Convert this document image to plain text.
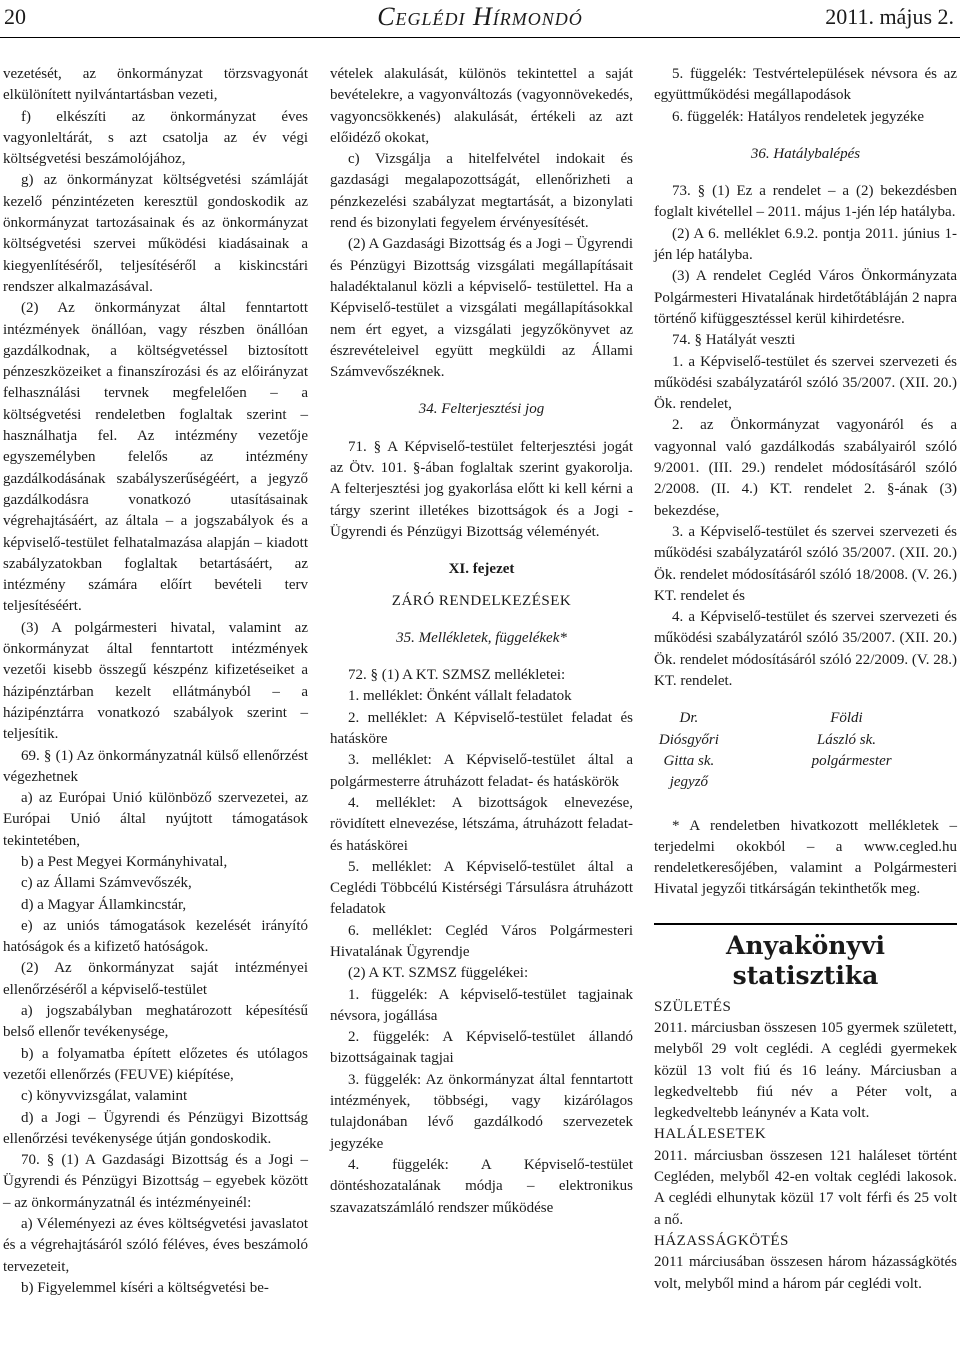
20	Ceglédi Hírmondó	2011. május 2.

vezetését, az önkormányzat törzsvagyonát elkülönített nyilvántartásban vezeti,

f) elkészíti az önkormányzat éves vagyonleltárát, s azt csatolja az év végi költségvetési beszámolójához,

g) az önkormányzat költségvetési számláját kezelő pénzintézeten keresztül gondoskodik az önkormányzat tartozásainak és az önkormányzat költségvetési szervei működési kiadásainak a kiegyenlítéséről, teljesítéséről a kiskincstári rendszer alkalmazásával.

(2) Az önkormányzat által fenntartott intézmények önállóan, vagy részben önállóan gazdálkodnak, a költségvetéssel biztosított pénzeszközeiket a finanszírozási és az előirányzat felhasználási tervnek megfelelően – a költségvetési rendeletben foglaltak szerint – használhatja fel. Az intézmény vezetője egyszemélyben felelős az intézmény gazdálkodásának szabályszerűségéért, a jegyző gazdálkodásra vonatkozó utasításainak végrehajtásáért, az általa – a jogszabályok és a képviselő-testület felhatalmazása alapján – kiadott szabályzatokban foglaltak betartásáért, az intézmény számára előírt bevételi terv teljesítéséért.

(3) A polgármesteri hivatal, valamint az önkormányzat által fenntartott intézmények vezetői kisebb összegű készpénz kifizetéseiket a házipénztárban kezelt ellátmányból – a házipénztárra vonatkozó szabályok szerint – teljesítik.

69. § (1) Az önkormányzatnál külső ellenőrzést végezhetnek

a) az Európai Unió különböző szervezetei, az Európai Unió által nyújtott támogatások tekintetében,

b) a Pest Megyei Kormányhivatal,

c) az Állami Számvevőszék,

d) a Magyar Államkincstár,

e) az uniós támogatások kezelését irányító hatóságok és a kifizető hatóságok.

(2) Az önkormányzat saját intézményei ellenőrzéséről a képviselő-testület

a) jogszabályban meghatározott képesítésű belső ellenőr tevékenysége,

b) a folyamatba épített előzetes és utólagos vezetői ellenőrzés (FEUVE) kiépítése,

c) könyvvizsgálat, valamint

d) a Jogi – Ügyrendi és Pénzügyi Bizottság ellenőrzési tevékenysége útján gondoskodik.

70. § (1) A Gazdasági Bizottság és a Jogi – Ügyrendi és Pénzügyi Bizottság – egyebek között – az önkormányzatnál és intézményeinél:

a) Véleményezi az éves költségvetési javaslatot és a végrehajtásáról szóló féléves, éves beszámoló tervezeteit,

b) Figyelemmel kíséri a költségvetési be-

vételek alakulását, különös tekintettel a saját bevételekre, a vagyonváltozás (vagyonnövekedés, vagyoncsökkenés) alakulását, értékeli az azt előidéző okokat,

c) Vizsgálja a hitelfelvétel indokait és gazdasági megalapozottságát, ellenőrizheti a pénzkezelési szabályzat megtartását, a bizonylati rend és bizonylati fegyelem érvényesítését.

(2) A Gazdasági Bizottság és a Jogi – Ügyrendi és Pénzügyi Bizottság vizsgálati megállapításait haladéktalanul közli a képviselő- testülettel. Ha a Képviselő-testület a vizsgálati megállapításokkal nem ért egyet, a vizsgálati jegyzőkönyvet az észrevételeivel együtt megküldi az Állami Számvevőszéknek.

34. Felterjesztési jog

71. § A Képviselő-testület felterjesztési jogát az Ötv. 101. §-ában foglaltak szerint gyakorolja. A felterjesztési jog gyakorlása előtt ki kell kérni a tárgy szerint illetékes bizottságok és a Jogi - Ügyrendi és Pénzügyi Bizottság véleményét.

XI. fejezet

ZÁRÓ RENDELKEZÉSEK

35. Mellékletek, függelékek*

72. § (1) A KT. SZMSZ mellékletei:

1. melléklet: Önként vállalt feladatok

2. melléklet: A Képviselő-testület feladat és hatásköre

3. melléklet: A Képviselő-testület által a polgármesterre átruházott feladat- és hatáskörök

4. melléklet: A bizottságok elnevezése, rövidített elnevezése, létszáma, átruházott feladat- és hatáskörei

5. melléklet: A Képviselő-testület által a Ceglédi Többcélú Kistérségi Társulásra átruházott feladatok

6. melléklet: Cegléd Város Polgármesteri Hivatalának Ügyrendje

(2) A KT. SZMSZ függelékei:

1. függelék: A képviselő-testület tagjainak névsora, jogállása

2. függelék: A Képviselő-testület állandó bizottságainak tagjai

3. függelék: Az önkormányzat által fenntartott intézmények, többségi, vagy kizárólagos tulajdonában lévő gazdálkodó szervezetek jegyzéke

4. függelék: A Képviselő-testület döntéshozatalának módja – elektronikus szavazatszámláló rendszer működése

5. függelék: Testvértelepülések névsora és az együttműködési megállapodások

6. függelék: Hatályos rendeletek jegyzéke

36. Hatálybalépés

73. § (1) Ez a rendelet – a (2) bekezdésben foglalt kivétellel – 2011. május 1-jén lép hatályba.

(2) A 6. melléklet 6.9.2. pontja 2011. június 1-jén lép hatályba.

(3) A rendelet Cegléd Város Önkormányzata Polgármesteri Hivatalának hirdetőtábláján 2 napra történő kifüggesztéssel kerül kihirdetésre.

74. § Hatályát veszti

1. a Képviselő-testület és szervei szervezeti és működési szabályzatáról szóló 35/2007. (XII. 20.) Ök. rendelet,

2. az Önkormányzat vagyonáról és a vagyonnal való gazdálkodás szabályairól szóló 9/2001. (III. 29.) rendelet módosításáról szóló 2/2008. (II. 4.) KT. rendelet 2. §-ának (3) bekezdése,

3. a Képviselő-testület és szervei szervezeti és működési szabályzatáról szóló 35/2007. (XII. 20.) Ök. rendelet módosításáról szóló 18/2008. (V. 26.) KT. rendelet és

4. a Képviselő-testület és szervei szervezeti és működési szabályzatáról szóló 35/2007. (XII. 20.) Ök. rendelet módosításáról szóló 22/2009. (V. 28.) KT. rendelet.

Dr. Diósgyőri Gitta sk.
jegyző
Földi László sk.
polgármester

* A rendeletben hivatkozott mellékletek – terjedelmi okokból – a www.cegled.hu rendeletkeresőjében, valamint a Polgármesteri Hivatal jegyzői titkárságán tekinthetők meg.

Anyakönyvi statisztika

SZÜLETÉS

2011. márciusban összesen 105 gyermek született, melyből 29 volt ceglédi. A ceglédi gyermekek közül 13 volt fiú és 16 leány. Márciusban a legkedveltebb fiú név a Péter volt, a legkedveltebb leánynév a Kata volt.

HALÁLESETEK

2011. márciusban összesen 121 haláleset történt Cegléden, melyből 42-en voltak ceglédi lakosok. A ceglédi elhunytak közül 17 volt férfi és 25 volt a nő.

HÁZASSÁGKÖTÉS

2011 márciusában összesen három házasságkötés volt, melyből mind a három pár ceglédi volt.
